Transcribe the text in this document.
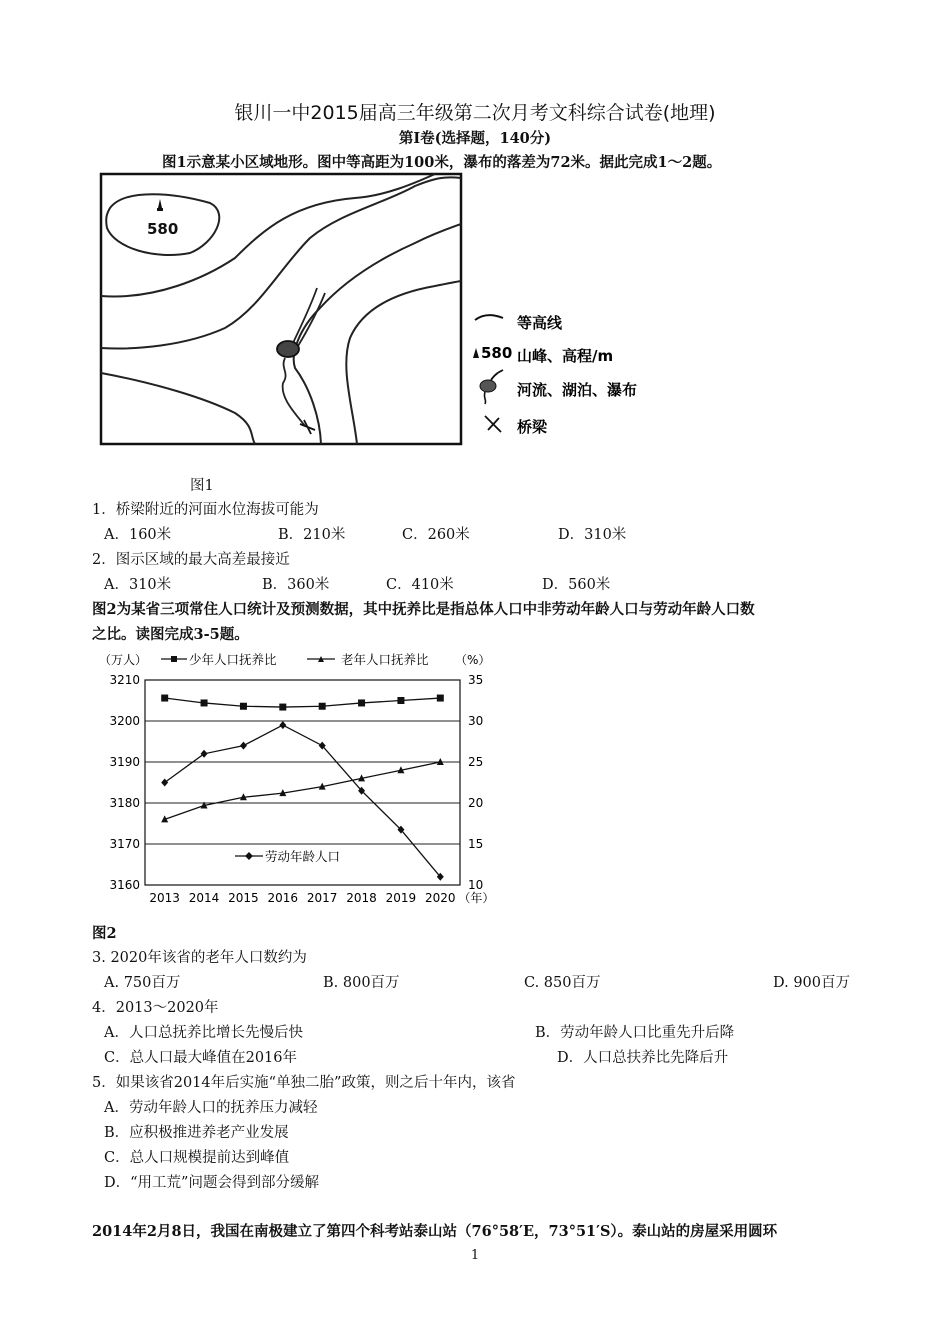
银川一中2015届高三年级第二次月考文科综合试卷(地理)
第Ⅰ卷(选择题，140分)
图1示意某小区域地形。图中等高距为100米，瀑布的落差为72米。据此完成1～2题。
580
等高线
580 山峰、高程/m
河流、湖泊、瀑布
桥梁
图1
1．桥梁附近的河面水位海拔可能为
A．160米	B．210米	C．260米	D．310米
2．图示区域的最大高差最接近
A．310米	B．360米	C．410米	D．560米
图2为某省三项常住人口统计及预测数据，其中抚养比是指总体人口中非劳动年龄人口与劳动年龄人口数
之比。读图完成3-5题。
（万人）	（%）
少年人口抚养比	老年人口抚养比
劳动年龄人口
3210	35
3200	30
3190	25
3180	20
3170	15
3160	10
2013 2014 2015 2016 2017 2018 2019 2020 （年）
图2
3. 2020年该省的老年人口数约为
A. 750百万	B. 800百万	C. 850百万	D. 900百万
4．2013～2020年
A．人口总抚养比增长先慢后快	B．劳动年龄人口比重先升后降
C．总人口最大峰值在2016年	D．人口总扶养比先降后升
5．如果该省2014年后实施“单独二胎”政策，则之后十年内，该省
A．劳动年龄人口的抚养压力减轻
B．应积极推进养老产业发展
C．总人口规模提前达到峰值
D．“用工荒”问题会得到部分缓解
2014年2月8日，我国在南极建立了第四个科考站泰山站（76°58′E，73°51′S）。泰山站的房屋采用圆环
1
